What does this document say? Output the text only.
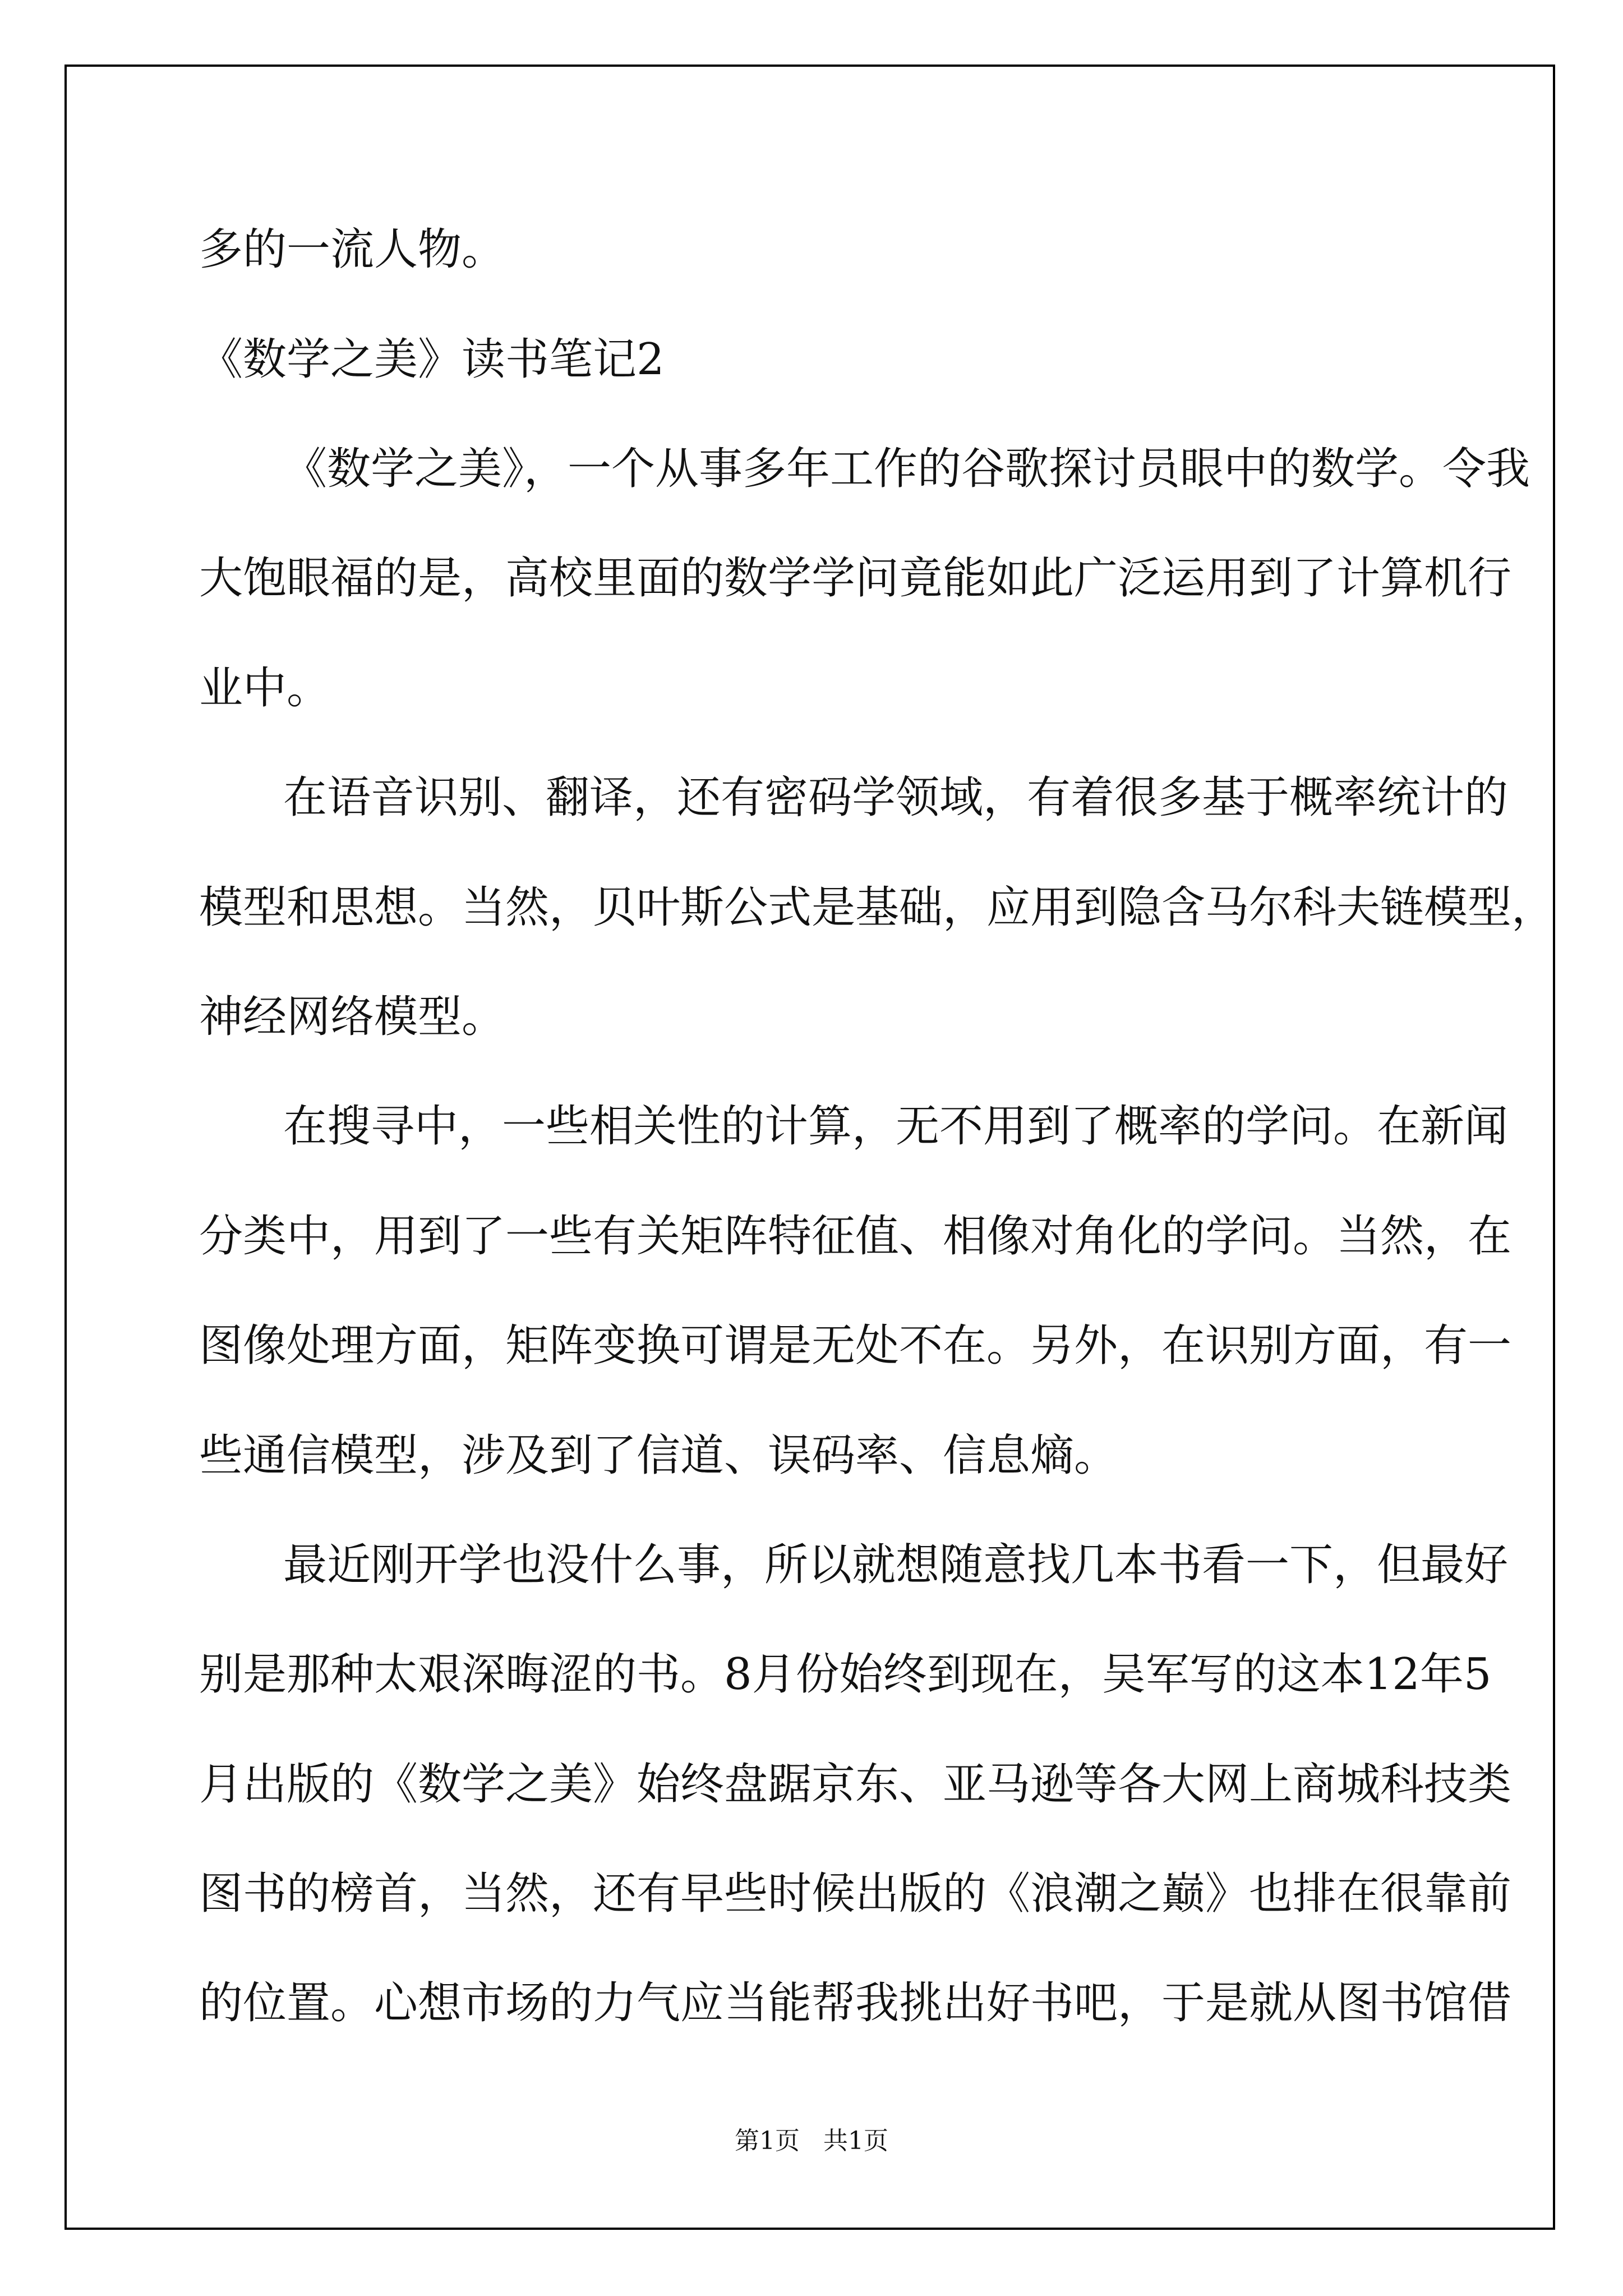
多的一流人物。

《数学之美》读书笔记2

《数学之美》，一个从事多年工作的谷歌探讨员眼中的数学。令我

大饱眼福的是，高校里面的数学学问竟能如此广泛运用到了计算机行

业中。

在语音识别、翻译，还有密码学领域，有着很多基于概率统计的

模型和思想。当然，贝叶斯公式是基础，应用到隐含马尔科夫链模型，

神经网络模型。

在搜寻中，一些相关性的计算，无不用到了概率的学问。在新闻

分类中，用到了一些有关矩阵特征值、相像对角化的学问。当然，在

图像处理方面，矩阵变换可谓是无处不在。另外，在识别方面，有一

些通信模型，涉及到了信道、误码率、信息熵。

最近刚开学也没什么事，所以就想随意找几本书看一下，但最好

别是那种太艰深晦涩的书。8月份始终到现在，吴军写的这本12年5

月出版的《数学之美》始终盘踞京东、亚马逊等各大网上商城科技类

图书的榜首，当然，还有早些时候出版的《浪潮之巅》也排在很靠前

的位置。心想市场的力气应当能帮我挑出好书吧，于是就从图书馆借

第1页   共1页
